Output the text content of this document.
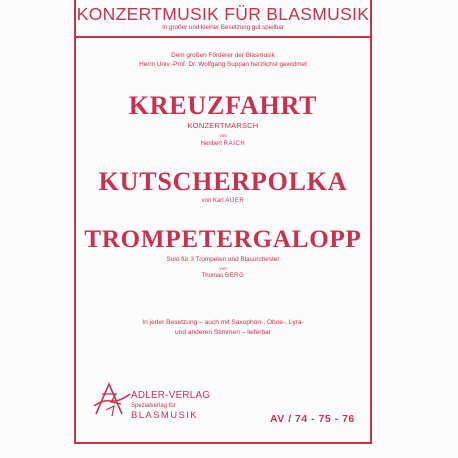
KONZERTMUSIK FÜR BLASMUSIK
In großer und kleiner Besetzung gut spielbar
Dem großen Förderer der Blasmusik
Herrn Univ.-Prof. Dr. Wolfgang Suppan herzlichst gewidmet
KREUZFAHRT
KONZERTMARSCH
von
Heribert RAICH
KUTSCHERPOLKA
von Karl AUER
TROMPETERGALOPP
Solo für 3 Trompeten und Blasorchester
von
Thomas BERG
In jeder Besetzung – auch mit Saxophon-, Oboe-, Lyra-
und anderen Stimmen – lieferbar
ADLER-VERLAG
Spezialverlag für
BLASMUSIK	AV / 74 - 75 - 76
